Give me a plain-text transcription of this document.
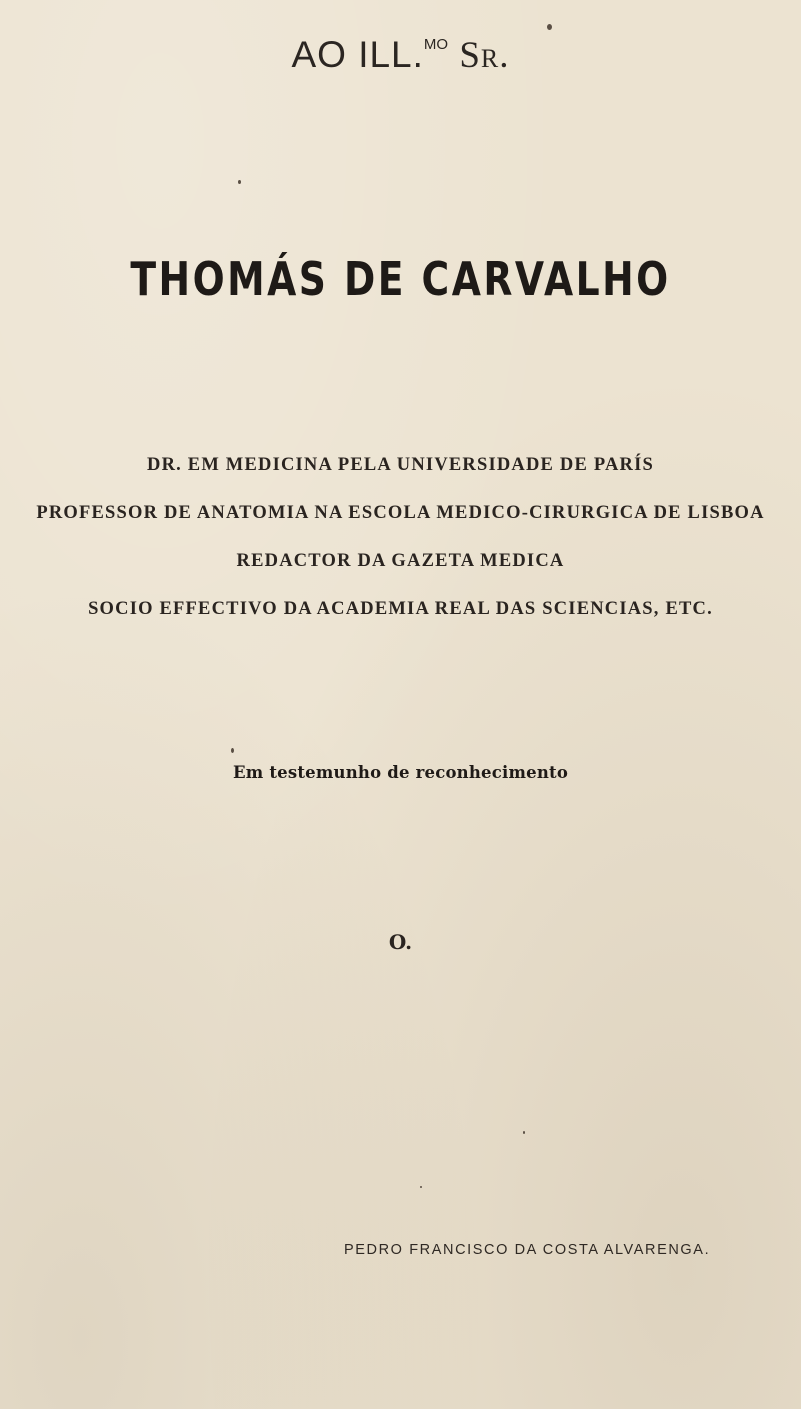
AO ILL.$^{MO}$ Sr.
THOMÁS DE CARVALHO
DR. EM MEDICINA PELA UNIVERSIDADE DE PARÍS
PROFESSOR DE ANATOMIA NA ESCOLA MEDICO-CIRURGICA DE LISBOA
REDACTOR DA GAZETA MEDICA
SOCIO EFFECTIVO DA ACADEMIA REAL DAS SCIENCIAS, ETC.
Em testemunho de reconhecimento
O.
PEDRO FRANCISCO DA COSTA ALVARENGA.
